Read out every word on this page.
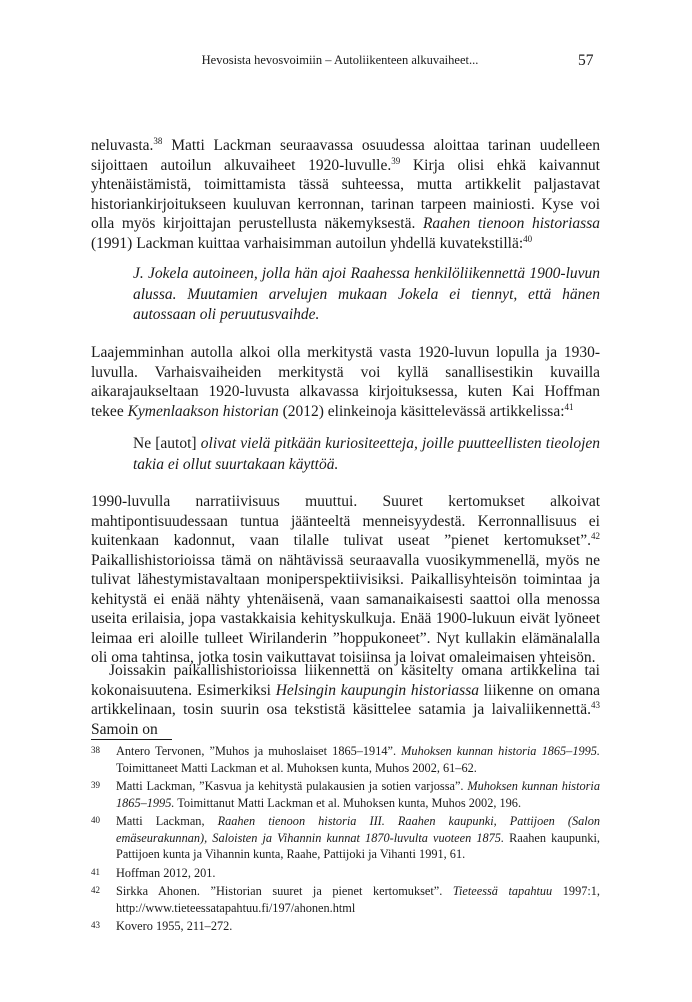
Hevosista hevosvoimiin – Autoliikenteen alkuvaiheet...	57

neluvasta.$^{38}$ Matti Lackman seuraavassa osuudessa aloittaa tarinan uudelleen sijoittaen autoilun alkuvaiheet 1920-luvulle.$^{39}$ Kirja olisi ehkä kaivannut yhtenäistämistä, toimittamista tässä suhteessa, mutta artikkelit paljastavat historiankirjoitukseen kuuluvan kerronnan, tarinan tarpeen mainiosti. Kyse voi olla myös kirjoittajan perustellusta näkemyksestä. Raahen tienoon historiassa (1991) Lackman kuittaa varhaisimman autoilun yhdellä kuvatekstillä:$^{40}$

J. Jokela autoineen, jolla hän ajoi Raahessa henkilöliikennettä 1900-luvun alussa. Muutamien arvelujen mukaan Jokela ei tiennyt, että hänen autossaan oli peruutusvaihde.

Laajemminhan autolla alkoi olla merkitystä vasta 1920-luvun lopulla ja 1930-luvulla. Varhaisvaiheiden merkitystä voi kyllä sanallisestikin kuvailla aikarajaukseltaan 1920-luvusta alkavassa kirjoituksessa, kuten Kai Hoffman tekee Kymenlaakson historian (2012) elinkeinoja käsittelevässä artikkelissa:$^{41}$

Ne [autot] olivat vielä pitkään kuriositeetteja, joille puutteellisten tieolojen takia ei ollut suurtakaan käyttöä.

1990-luvulla narratiivisuus muuttui. Suuret kertomukset alkoivat mahtipontisuudessaan tuntua jäänteeltä menneisyydestä. Kerronnallisuus ei kuitenkaan kadonnut, vaan tilalle tulivat useat ”pienet kertomukset”.$^{42}$ Paikallishistorioissa tämä on nähtävissä seuraavalla vuosikymmenellä, myös ne tulivat lähestymistavaltaan moniperspektiivisiksi. Paikallisyhteisön toimintaa ja kehitystä ei enää nähty yhtenäisenä, vaan samanaikaisesti saattoi olla menossa useita erilaisia, jopa vastakkaisia kehityskulkuja. Enää 1900-lukuun eivät lyöneet leimaa eri aloille tulleet Wirilanderin ”hoppukoneet”. Nyt kullakin elämänalalla oli oma tahtinsa, jotka tosin vaikuttavat toisiinsa ja loivat omaleimaisen yhteisön.

Joissakin paikallishistorioissa liikennettä on käsitelty omana artikkelina tai kokonaisuutena. Esimerkiksi Helsingin kaupungin historiassa liikenne on omana artikkelinaan, tosin suurin osa tekstistä käsittelee satamia ja laivaliikennettä.$^{43}$ Samoin on

38	Antero Tervonen, ”Muhos ja muhoslaiset 1865–1914”. Muhoksen kunnan historia 1865–1995. Toimittaneet Matti Lackman et al. Muhoksen kunta, Muhos 2002, 61–62.
39	Matti Lackman, ”Kasvua ja kehitystä pulakausien ja sotien varjossa”. Muhoksen kunnan historia 1865–1995. Toimittanut Matti Lackman et al. Muhoksen kunta, Muhos 2002, 196.
40	Matti Lackman, Raahen tienoon historia III. Raahen kaupunki, Pattijoen (Salon emäseurakunnan), Saloisten ja Vihannin kunnat 1870-luvulta vuoteen 1875. Raahen kaupunki, Pattijoen kunta ja Vihannin kunta, Raahe, Pattijoki ja Vihanti 1991, 61.
41	Hoffman 2012, 201.
42	Sirkka Ahonen. ”Historian suuret ja pienet kertomukset”. Tieteessä tapahtuu 1997:1, http://www.tieteessatapahtuu.fi/197/ahonen.html
43	Kovero 1955, 211–272.
